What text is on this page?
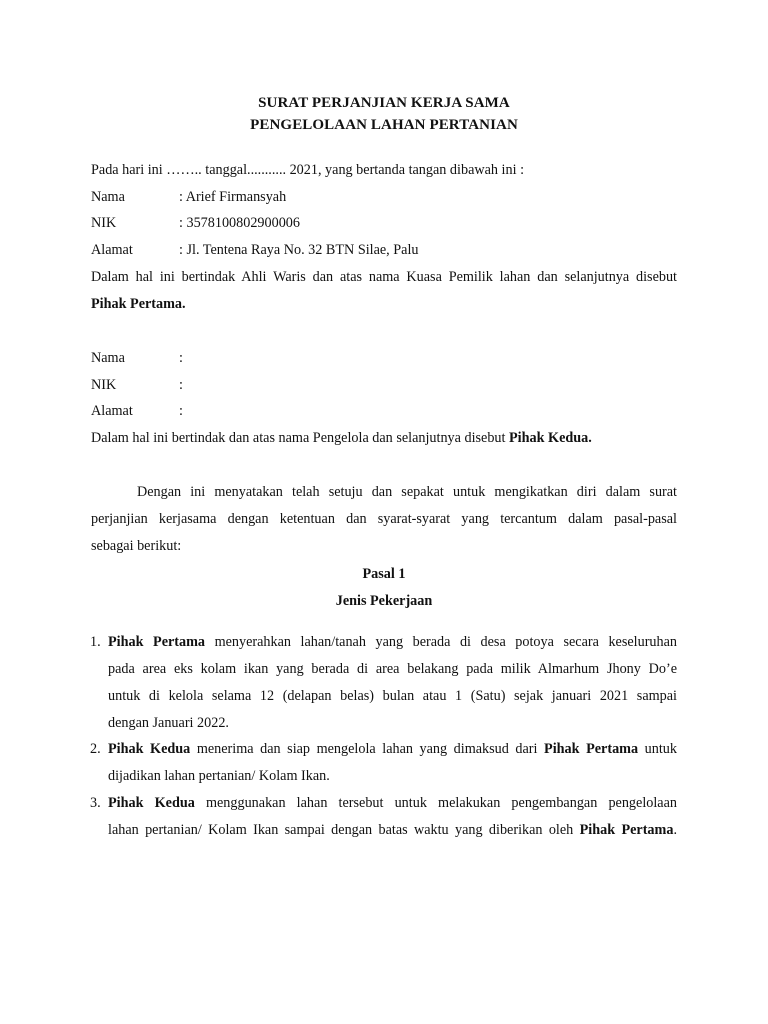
SURAT PERJANJIAN KERJA SAMA
PENGELOLAAN LAHAN PERTANIAN
Pada hari ini …….. tanggal........... 2021, yang bertanda tangan dibawah ini :
Nama	: Arief Firmansyah
NIK	: 3578100802900006
Alamat	: Jl. Tentena Raya No. 32 BTN Silae, Palu
Dalam hal ini bertindak Ahli Waris dan atas nama Kuasa Pemilik lahan dan selanjutnya disebut
Pihak Pertama.
Nama	:
NIK	:
Alamat	:
Dalam hal ini bertindak dan atas nama Pengelola dan selanjutnya disebut Pihak Kedua.
Dengan ini menyatakan telah setuju dan sepakat untuk mengikatkan diri dalam surat
perjanjian kerjasama dengan ketentuan dan syarat-syarat yang tercantum dalam pasal-pasal
sebagai berikut:
Pasal 1
Jenis Pekerjaan
1. Pihak Pertama menyerahkan lahan/tanah yang berada di desa potoya secara keseluruhan
pada area eks kolam ikan yang berada di area belakang pada milik Almarhum Jhony Do’e
untuk di kelola selama 12 (delapan belas) bulan atau 1 (Satu) sejak januari 2021 sampai
dengan Januari 2022.
2. Pihak Kedua menerima dan siap mengelola lahan yang dimaksud dari Pihak Pertama untuk
dijadikan lahan pertanian/ Kolam Ikan.
3. Pihak Kedua menggunakan lahan tersebut untuk melakukan pengembangan pengelolaan
lahan pertanian/ Kolam Ikan sampai dengan batas waktu yang diberikan oleh Pihak Pertama.
